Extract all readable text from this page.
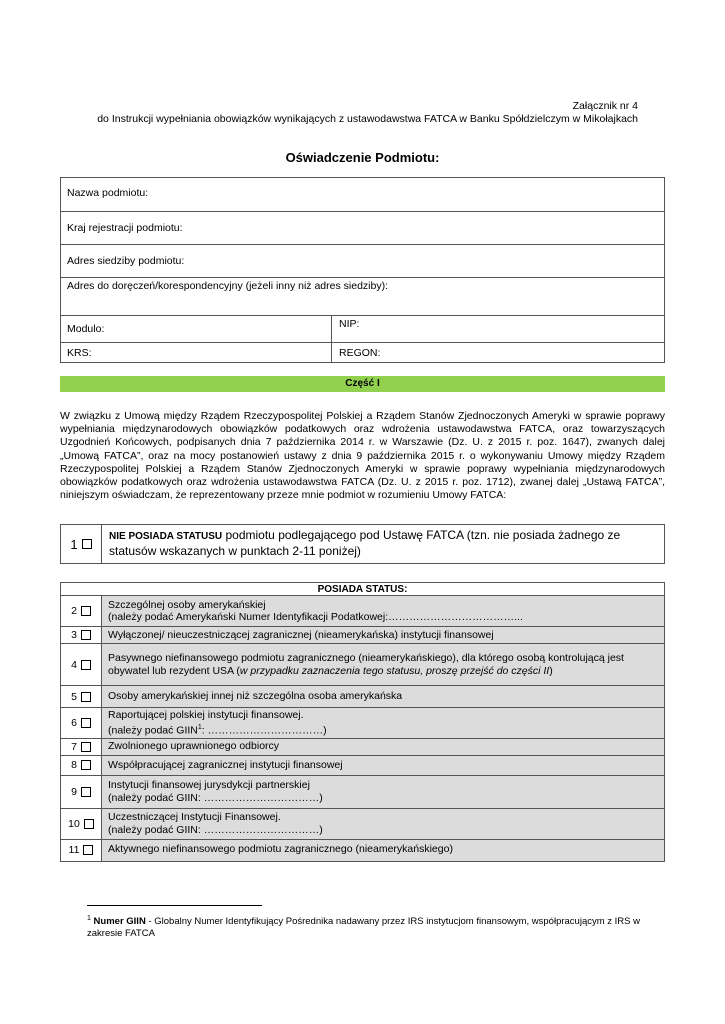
Załącznik nr 4
do Instrukcji wypełniania obowiązków wynikających z ustawodawstwa FATCA w Banku Spółdzielczym w Mikołajkach
Oświadczenie Podmiotu:
Nazwa podmiotu:
Kraj rejestracji podmiotu:
Adres siedziby podmiotu:
Adres do doręczeń/korespondencyjny (jeżeli inny niż adres siedziby):
Modulo:	NIP:
KRS:	REGON:
Część I
W związku z Umową między Rządem Rzeczypospolitej Polskiej a Rządem Stanów Zjednoczonych Ameryki w sprawie poprawy wypełniania międzynarodowych obowiązków podatkowych oraz wdrożenia ustawodawstwa FATCA, oraz towarzyszących Uzgodnień Końcowych, podpisanych dnia 7 października 2014 r. w Warszawie (Dz. U. z 2015 r. poz. 1647), zwanych dalej „Umową FATCA”, oraz na mocy postanowień ustawy z dnia 9 października 2015 r. o wykonywaniu Umowy między Rządem Rzeczypospolitej Polskiej a Rządem Stanów Zjednoczonych Ameryki w sprawie poprawy wypełniania międzynarodowych obowiązków podatkowych oraz wdrożenia ustawodawstwa FATCA (Dz. U. z 2015 r. poz. 1712), zwanej dalej „Ustawą FATCA”, niniejszym oświadczam, że reprezentowany przeze mnie podmiot w rozumieniu Umowy FATCA:
1	NIE POSIADA STATUSU podmiotu podlegającego pod Ustawę FATCA (tzn. nie posiada żadnego ze statusów wskazanych w punktach 2-11 poniżej)
POSIADA STATUS:	
2	Szczególnej osoby amerykańskiej
(należy podać Amerykański Numer Identyfikacji Podatkowej:………………………………...

3	Wyłączonej/ nieuczestniczącej zagranicznej (nieamerykańska) instytucji finansowej

4	Pasywnego niefinansowego podmiotu zagranicznego (nieamerykańskiego), dla którego osobą kontrolującą jest obywatel lub rezydent USA (w przypadku zaznaczenia tego statusu, proszę przejść do części II)
5	Osoby amerykańskiej innej niż szczególna osoba amerykańska

6	Raportującej polskiej instytucji finansowej.
(należy podać GIIN$^1$: ……………………………)

7	Zwolnionego uprawnionego odbiorcy

8	Współpracującej zagranicznej instytucji finansowej

9	Instytucji finansowej jurysdykcji partnerskiej
(należy podać GIIN: ……………………………)

10	Uczestniczącej Instytucji Finansowej.
(należy podać GIIN: ……………………………)

11	Aktywnego niefinansowego podmiotu zagranicznego (nieamerykańskiego)
$^1$ Numer GIIN - Globalny Numer Identyfikujący Pośrednika nadawany przez IRS instytucjom finansowym, współpracującym z IRS w zakresie FATCA
